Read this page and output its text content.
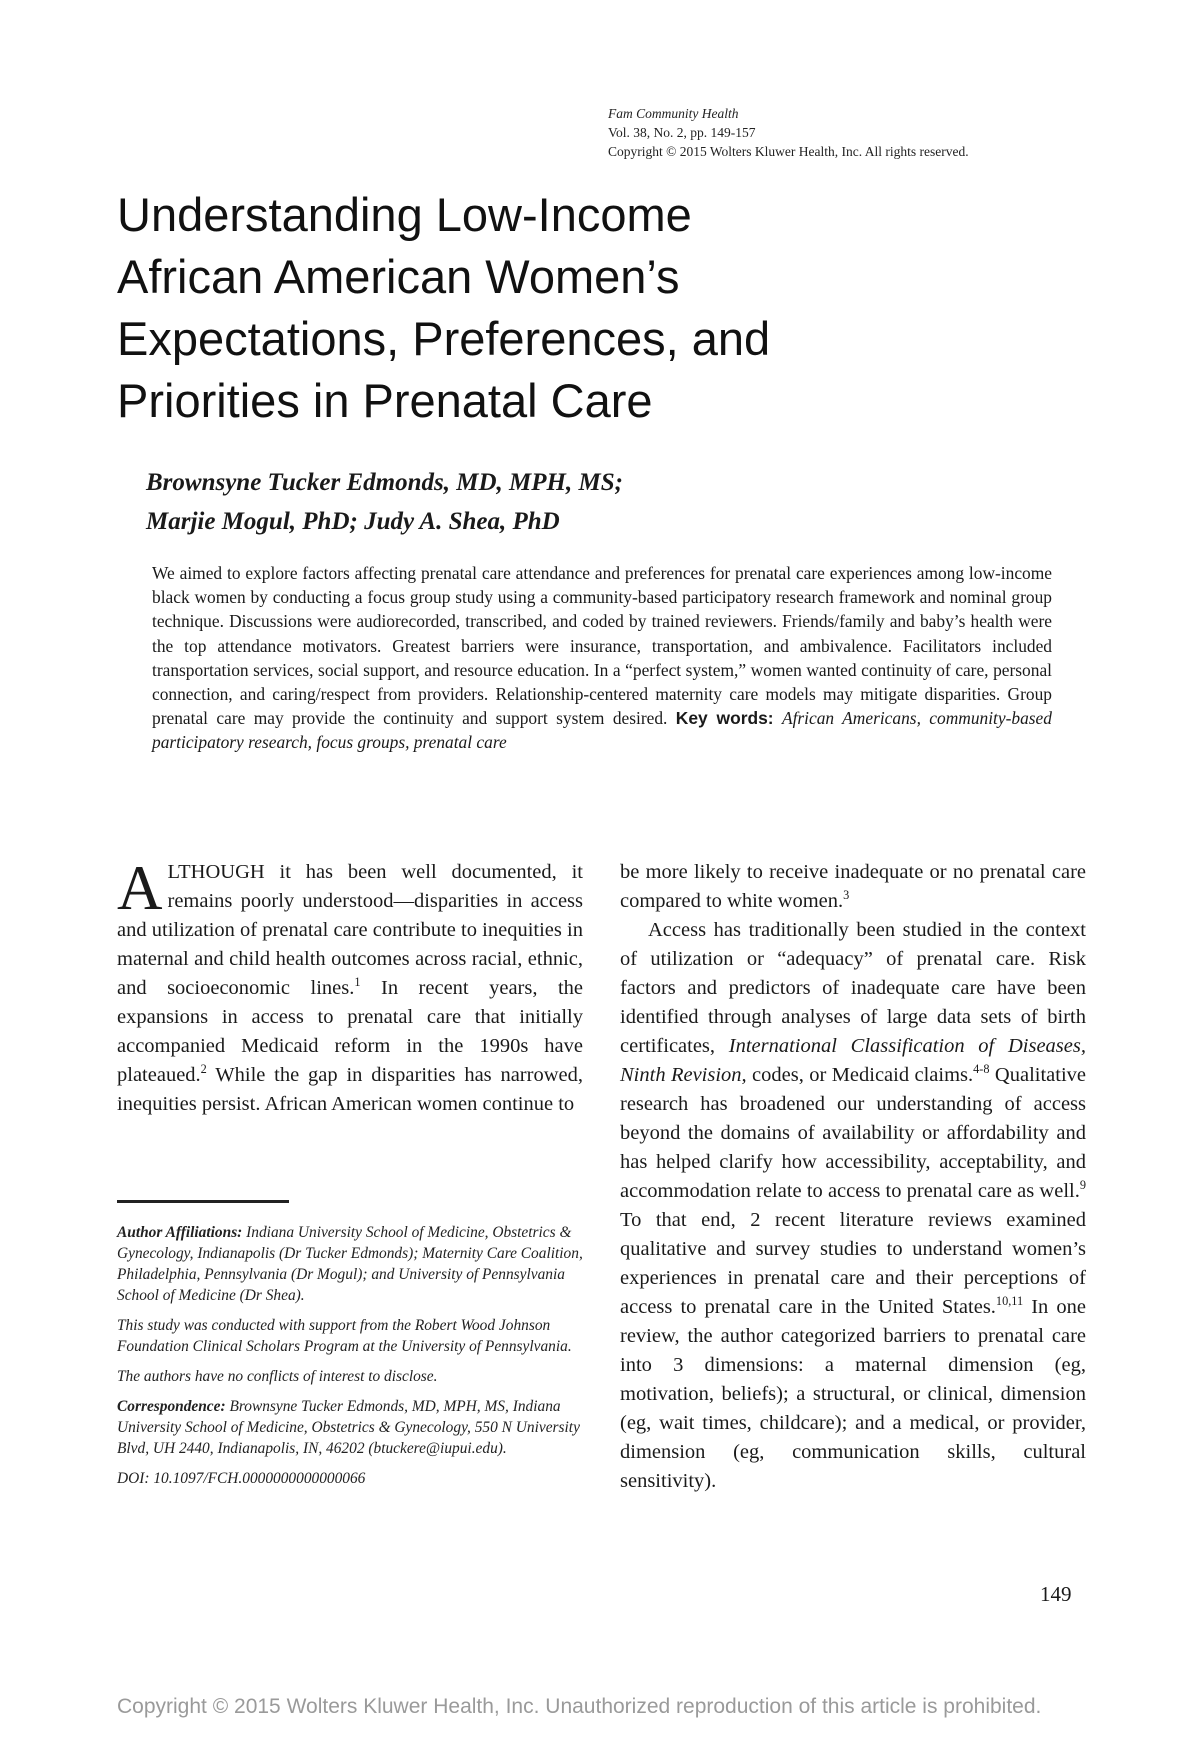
Fam Community Health
Vol. 38, No. 2, pp. 149-157
Copyright © 2015 Wolters Kluwer Health, Inc. All rights reserved.
Understanding Low-Income
African American Women’s
Expectations, Preferences, and
Priorities in Prenatal Care
Brownsyne Tucker Edmonds, MD, MPH, MS;
Marjie Mogul, PhD; Judy A. Shea, PhD

We aimed to explore factors affecting prenatal care attendance and preferences for prenatal care experiences among low-income black women by conducting a focus group study using a community-based participatory research framework and nominal group technique. Discussions were audiorecorded, transcribed, and coded by trained reviewers. Friends/family and baby’s health were the top attendance motivators. Greatest barriers were insurance, transportation, and ambivalence. Facilitators included transportation services, social support, and resource education. In a “perfect system,” women wanted continuity of care, personal connection, and caring/respect from providers. Relationship-centered maternity care models may mitigate disparities. Group prenatal care may provide the continuity and support system desired. Key words: African Americans, community-based participatory research, focus groups, prenatal care

ALTHOUGH it has been well documented, it remains poorly understood—disparities in access and utilization of prenatal care contribute to inequities in maternal and child health outcomes across racial, ethnic, and socioeconomic lines.$^1$ In recent years, the expansions in access to prenatal care that initially accompanied Medicaid reform in the 1990s have plateaued.$^2$ While the gap in disparities has narrowed, inequities persist. African American women continue to

Author Affiliations: Indiana University School of Medicine, Obstetrics & Gynecology, Indianapolis (Dr Tucker Edmonds); Maternity Care Coalition, Philadelphia, Pennsylvania (Dr Mogul); and University of Pennsylvania School of Medicine (Dr Shea).

This study was conducted with support from the Robert Wood Johnson Foundation Clinical Scholars Program at the University of Pennsylvania.

The authors have no conflicts of interest to disclose.

Correspondence: Brownsyne Tucker Edmonds, MD, MPH, MS, Indiana University School of Medicine, Obstetrics & Gynecology, 550 N University Blvd, UH 2440, Indianapolis, IN, 46202 (btuckere@iupui.edu).

DOI: 10.1097/FCH.0000000000000066

be more likely to receive inadequate or no prenatal care compared to white women.$^3$

Access has traditionally been studied in the context of utilization or “adequacy” of prenatal care. Risk factors and predictors of inadequate care have been identified through analyses of large data sets of birth certificates, International Classification of Diseases, Ninth Revision, codes, or Medicaid claims.$^{4-8}$ Qualitative research has broadened our understanding of access beyond the domains of availability or affordability and has helped clarify how accessibility, acceptability, and accommodation relate to access to prenatal care as well.$^9$ To that end, 2 recent literature reviews examined qualitative and survey studies to understand women’s experiences in prenatal care and their perceptions of access to prenatal care in the United States.$^{10,11}$ In one review, the author categorized barriers to prenatal care into 3 dimensions: a maternal dimension (eg, motivation, beliefs); a structural, or clinical, dimension (eg, wait times, childcare); and a medical, or provider, dimension (eg, communication skills, cultural sensitivity).

149
Copyright © 2015 Wolters Kluwer Health, Inc. Unauthorized reproduction of this article is prohibited.
